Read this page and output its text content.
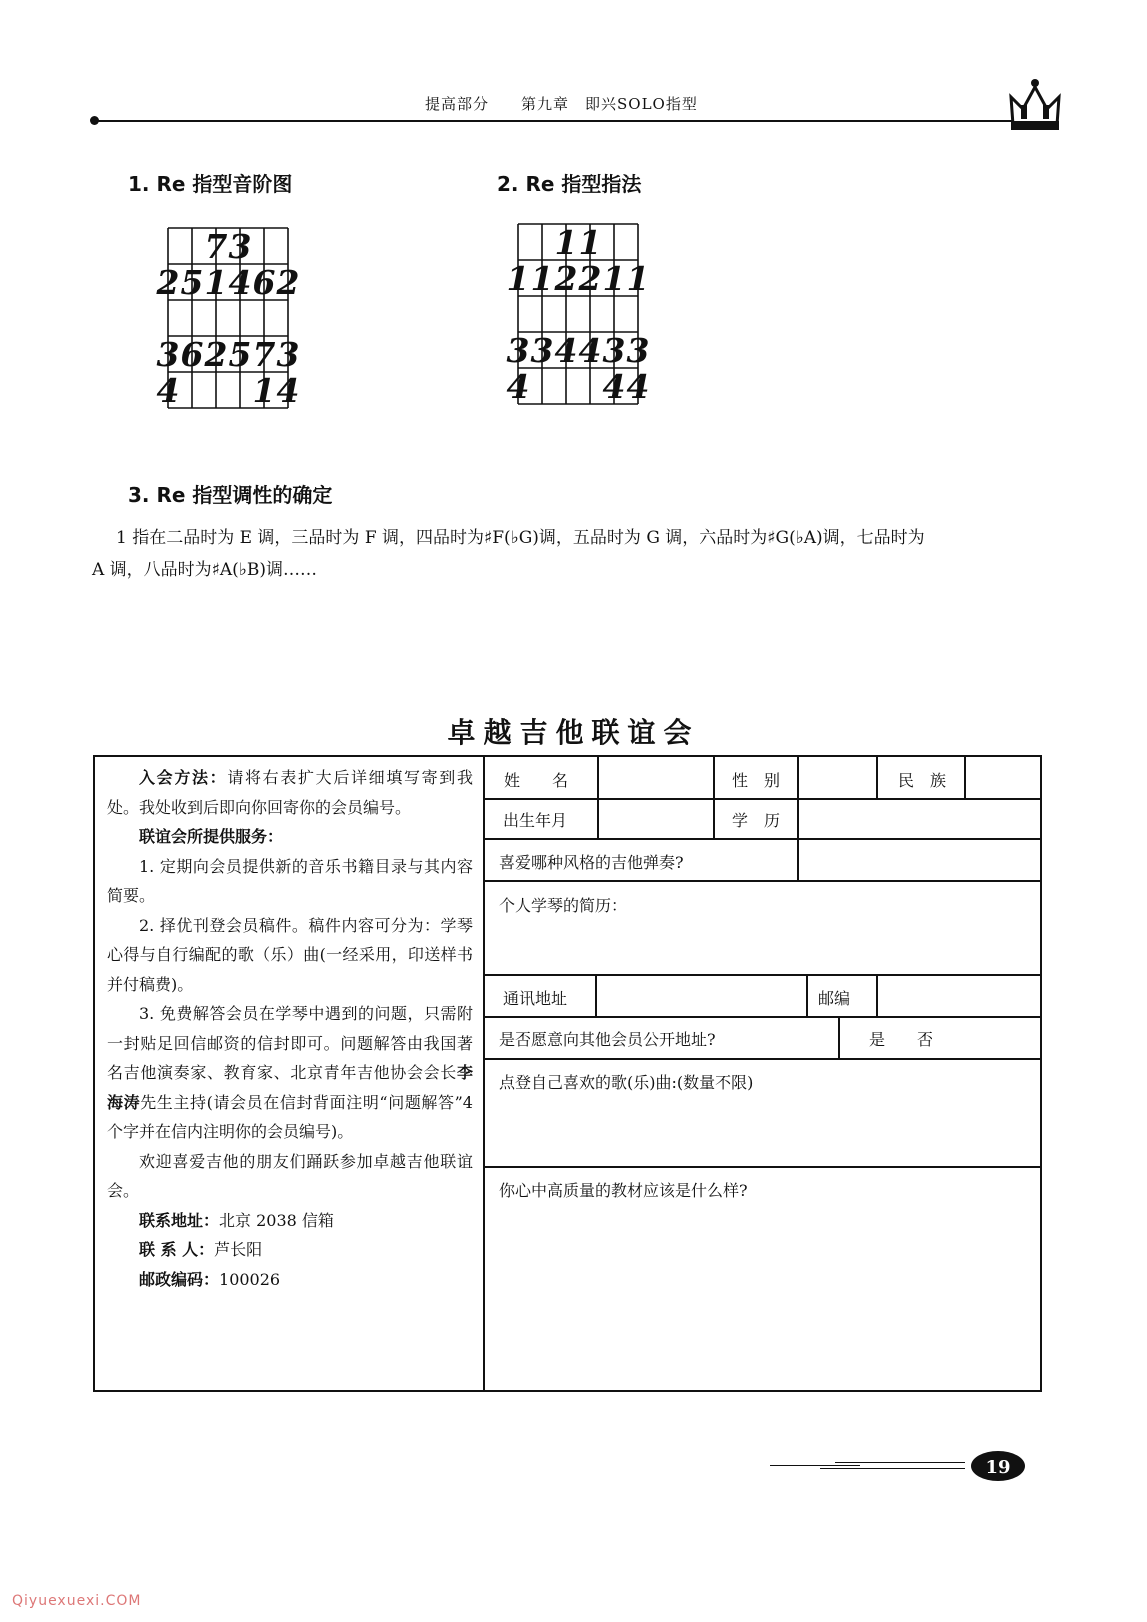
提高部分　　第九章　即兴SOLO指型
1. Re 指型音阶图	2. Re 指型指法
7 3
2 5 1 4 6 2
3 6 2 5 7 3
4 1 4
1 1
1 1 2 2 1 1
3 3 4 4 3 3
4 4 4
3. Re 指型调性的确定

1 指在二品时为 E 调，三品时为 F 调，四品时为♯F(♭G)调，五品时为 G 调，六品时为♯G(♭A)调，七品时为

A 调，八品时为♯A(♭B)调……

卓越吉他联谊会

入会方法：请将右表扩大后详细填写寄到我处。我处收到后即向你回寄你的会员编号。

联谊会所提供服务：

1. 定期向会员提供新的音乐书籍目录与其内容简要。

2. 择优刊登会员稿件。稿件内容可分为：学琴心得与自行编配的歌（乐）曲(一经采用，印送样书并付稿费)。

3. 免费解答会员在学琴中遇到的问题，只需附一封贴足回信邮资的信封即可。问题解答由我国著名吉他演奏家、教育家、北京青年吉他协会会长李海涛先生主持(请会员在信封背面注明“问题解答”4个字并在信内注明你的会员编号)。

欢迎喜爱吉他的朋友们踊跃参加卓越吉他联谊会。

联系地址：北京 2038 信箱

联 系 人：芦长阳

邮政编码：100026

姓　　名	性　别	民　族
出生年月	学　历
喜爱哪种风格的吉他弹奏?
个人学琴的简历：
通讯地址	邮编
是否愿意向其他会员公开地址?	是　　否
点登自己喜欢的歌(乐)曲:(数量不限)
你心中高质量的教材应该是什么样?
19
Qiyuexuexi.COM
